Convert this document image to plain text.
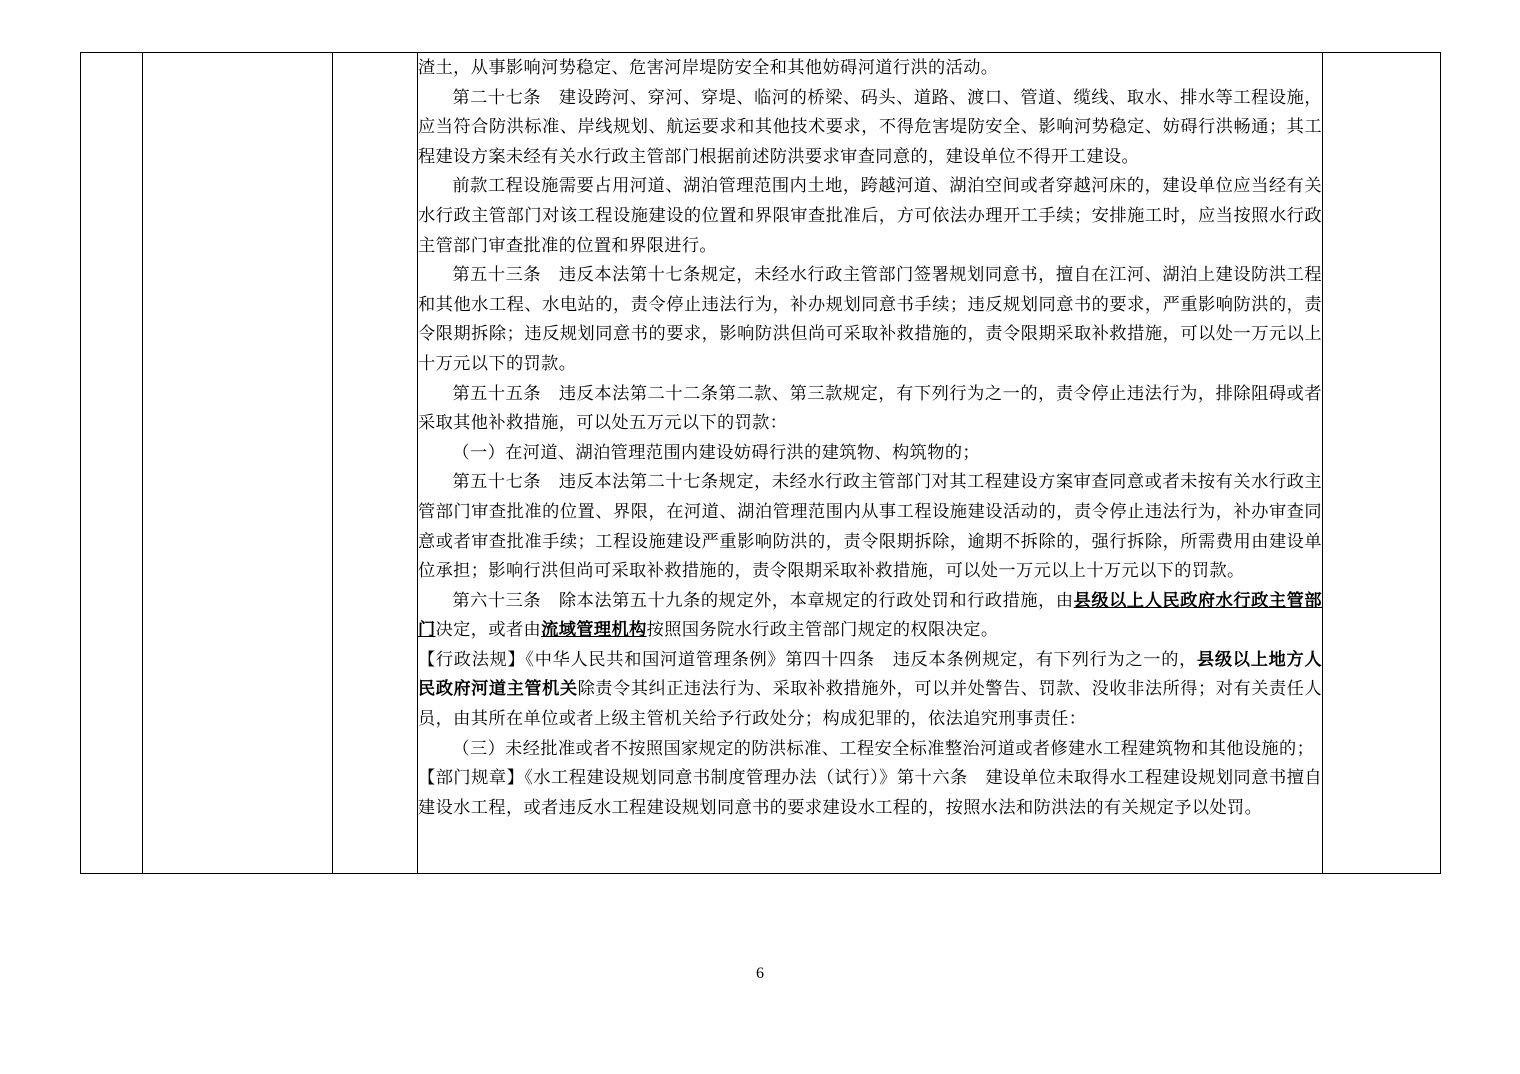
渣土，从事影响河势稳定、危害河岸堤防安全和其他妨碍河道行洪的活动。

第二十七条　建设跨河、穿河、穿堤、临河的桥梁、码头、道路、渡口、管道、缆线、取水、排水等工程设施，应当符合防洪标准、岸线规划、航运要求和其他技术要求，不得危害堤防安全、影响河势稳定、妨碍行洪畅通；其工程建设方案未经有关水行政主管部门根据前述防洪要求审查同意的，建设单位不得开工建设。

前款工程设施需要占用河道、湖泊管理范围内土地，跨越河道、湖泊空间或者穿越河床的，建设单位应当经有关水行政主管部门对该工程设施建设的位置和界限审查批准后，方可依法办理开工手续；安排施工时，应当按照水行政主管部门审查批准的位置和界限进行。

第五十三条　违反本法第十七条规定，未经水行政主管部门签署规划同意书，擅自在江河、湖泊上建设防洪工程和其他水工程、水电站的，责令停止违法行为，补办规划同意书手续；违反规划同意书的要求，严重影响防洪的，责令限期拆除；违反规划同意书的要求，影响防洪但尚可采取补救措施的，责令限期采取补救措施，可以处一万元以上十万元以下的罚款。

第五十五条　违反本法第二十二条第二款、第三款规定，有下列行为之一的，责令停止违法行为，排除阻碍或者采取其他补救措施，可以处五万元以下的罚款：

（一）在河道、湖泊管理范围内建设妨碍行洪的建筑物、构筑物的；

第五十七条　违反本法第二十七条规定，未经水行政主管部门对其工程建设方案审查同意或者未按有关水行政主管部门审查批准的位置、界限，在河道、湖泊管理范围内从事工程设施建设活动的，责令停止违法行为，补办审查同意或者审查批准手续；工程设施建设严重影响防洪的，责令限期拆除，逾期不拆除的，强行拆除，所需费用由建设单位承担；影响行洪但尚可采取补救措施的，责令限期采取补救措施，可以处一万元以上十万元以下的罚款。

第六十三条　除本法第五十九条的规定外，本章规定的行政处罚和行政措施，由县级以上人民政府水行政主管部门决定，或者由流域管理机构按照国务院水行政主管部门规定的权限决定。

【行政法规】《中华人民共和国河道管理条例》第四十四条　违反本条例规定，有下列行为之一的，县级以上地方人民政府河道主管机关除责令其纠正违法行为、采取补救措施外，可以并处警告、罚款、没收非法所得；对有关责任人员，由其所在单位或者上级主管机关给予行政处分；构成犯罪的，依法追究刑事责任：

（三）未经批准或者不按照国家规定的防洪标准、工程安全标准整治河道或者修建水工程建筑物和其他设施的；

【部门规章】《水工程建设规划同意书制度管理办法（试行）》第十六条　建设单位未取得水工程建设规划同意书擅自建设水工程，或者违反水工程建设规划同意书的要求建设水工程的，按照水法和防洪法的有关规定予以处罚。

6
